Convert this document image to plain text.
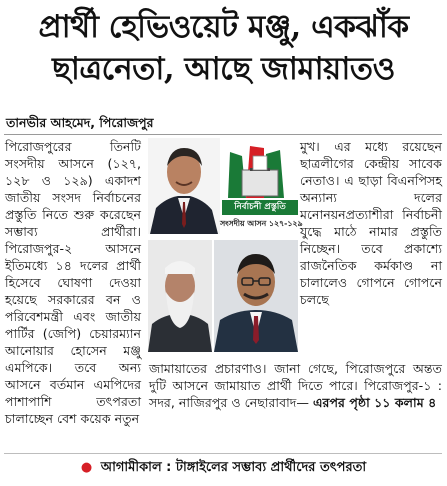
প্রার্থী হেভিওয়েট মঞ্জু, একঝাঁক
ছাত্রনেতা, আছে জামায়াতও
তানভীর আহমেদ, পিরোজপুর
পিরোজপুরের তিনটি সংসদীয় আসনে (১২৭, ১২৮ ও ১২৯) একাদশ জাতীয় সংসদ নির্বাচনের প্রস্তুতি নিতে শুরু করেছেন সম্ভাব্য প্রার্থীরা। পিরোজপুর-২ আসনে ইতিমধ্যে ১৪ দলের প্রার্থী হিসেবে ঘোষণা দেওয়া হয়েছে সরকারের বন ও পরিবেশমন্ত্রী এবং জাতীয় পার্টির (জেপি) চেয়ারম্যান আনোয়ার হোসেন মঞ্জু এমপিকে। তবে অন্য আসনে বর্তমান এমপিদের পাশাপাশি তৎপরতা চালাচ্ছেন বেশ কয়েক নতুন
নির্বাচনী প্রস্তুতি
সংসদীয় আসন ১২৭-১২৯
মুখ। এর মধ্যে রয়েছেন ছাত্রলীগের কেন্দ্রীয় সাবেক নেতাও। এ ছাড়া বিএনপিসহ অন্যান্য দলের মনোনয়নপ্রত্যাশীরা নির্বাচনী যুদ্ধে মাঠে নামার প্রস্তুতি নিচ্ছেন। তবে প্রকাশ্যে রাজনৈতিক কর্মকাণ্ড না চালালেও গোপনে গোপনে চলছে
জামায়াতের প্রচারণাও। জানা গেছে, পিরোজপুরে অন্তত দুটি আসনে জামায়াত প্রার্থী দিতে পারে। পিরোজপুর-১ : সদর, নাজিরপুর ও নেছারাবাদ— এরপর পৃষ্ঠা ১১ কলাম ৪
● আগামীকাল : টাঙ্গাইলের সম্ভাব্য প্রার্থীদের তৎপরতা
